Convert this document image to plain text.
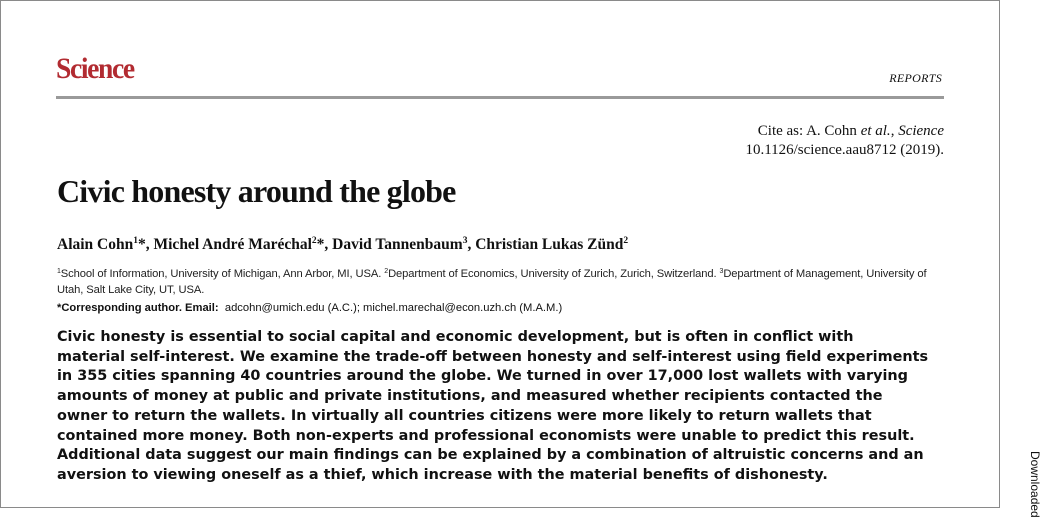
Science	REPORTS
Cite as: A. Cohn et al., Science
10.1126/science.aau8712 (2019).
Civic honesty around the globe
Alain Cohn$^1$*, Michel André Maréchal$^2$*, David Tannenbaum$^3$, Christian Lukas Zünd$^2$
$^1$School of Information, University of Michigan, Ann Arbor, MI, USA. $^2$Department of Economics, University of Zurich, Zurich, Switzerland. $^3$Department of Management, University of Utah, Salt Lake City, UT, USA.
*Corresponding author. Email: adcohn@umich.edu (A.C.); michel.marechal@econ.uzh.ch (M.A.M.)
Civic honesty is essential to social capital and economic development, but is often in conflict with
material self-interest. We examine the trade-off between honesty and self-interest using field experiments
in 355 cities spanning 40 countries around the globe. We turned in over 17,000 lost wallets with varying
amounts of money at public and private institutions, and measured whether recipients contacted the
owner to return the wallets. In virtually all countries citizens were more likely to return wallets that
contained more money. Both non-experts and professional economists were unable to predict this result.
Additional data suggest our main findings can be explained by a combination of altruistic concerns and an
aversion to viewing oneself as a thief, which increase with the material benefits of dishonesty.	Downloaded
